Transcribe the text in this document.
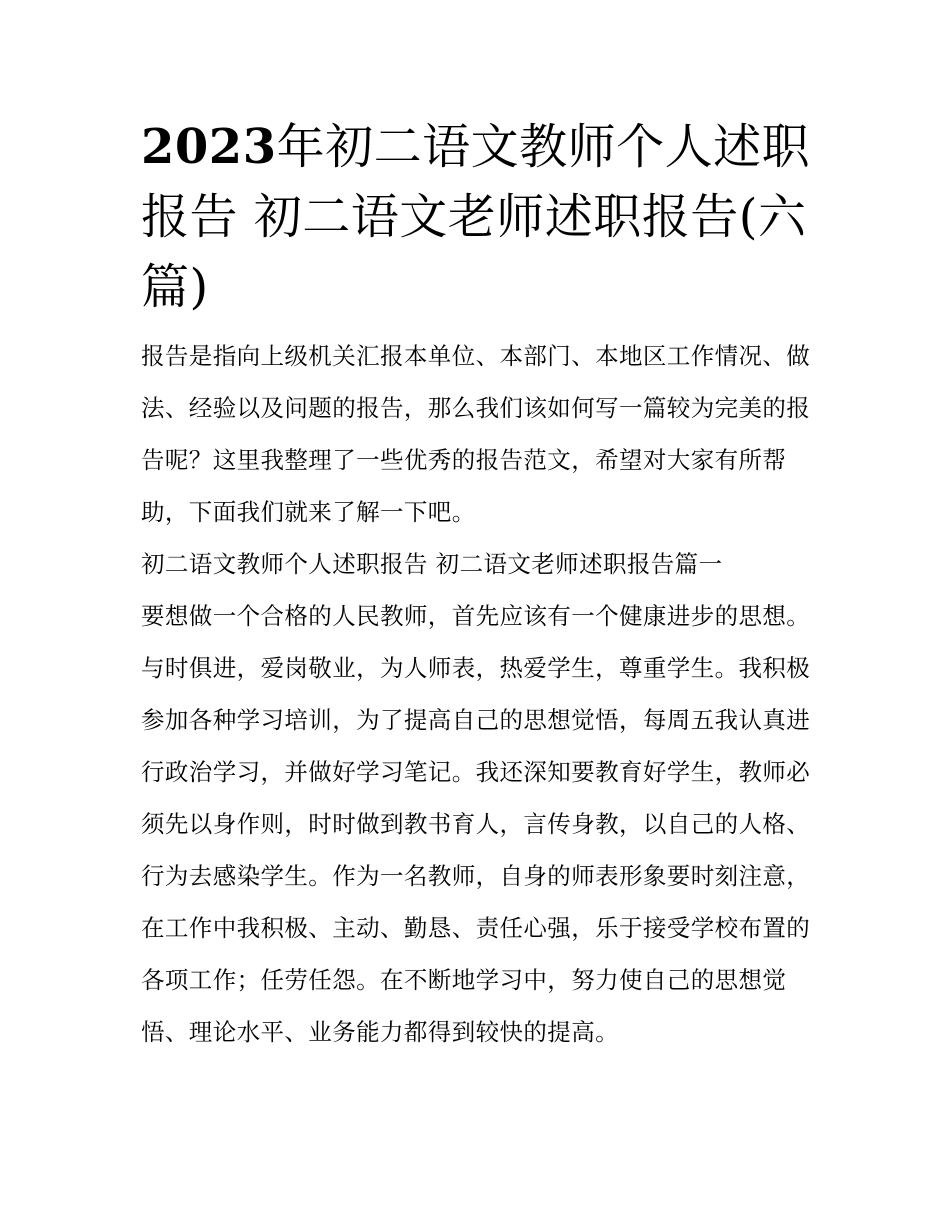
2023年初二语文教师个人述职报告 初二语文老师述职报告(六篇)

报告是指向上级机关汇报本单位、本部门、本地区工作情况、做法、经验以及问题的报告，那么我们该如何写一篇较为完美的报告呢？这里我整理了一些优秀的报告范文，希望对大家有所帮助，下面我们就来了解一下吧。

初二语文教师个人述职报告 初二语文老师述职报告篇一

要想做一个合格的人民教师，首先应该有一个健康进步的思想。与时俱进，爱岗敬业，为人师表，热爱学生，尊重学生。我积极参加各种学习培训，为了提高自己的思想觉悟，每周五我认真进行政治学习，并做好学习笔记。我还深知要教育好学生，教师必须先以身作则，时时做到教书育人，言传身教，以自己的人格、行为去感染学生。作为一名教师，自身的师表形象要时刻注意，在工作中我积极、主动、勤恳、责任心强，乐于接受学校布置的各项工作；任劳任怨。在不断地学习中，努力使自己的思想觉悟、理论水平、业务能力都得到较快的提高。
